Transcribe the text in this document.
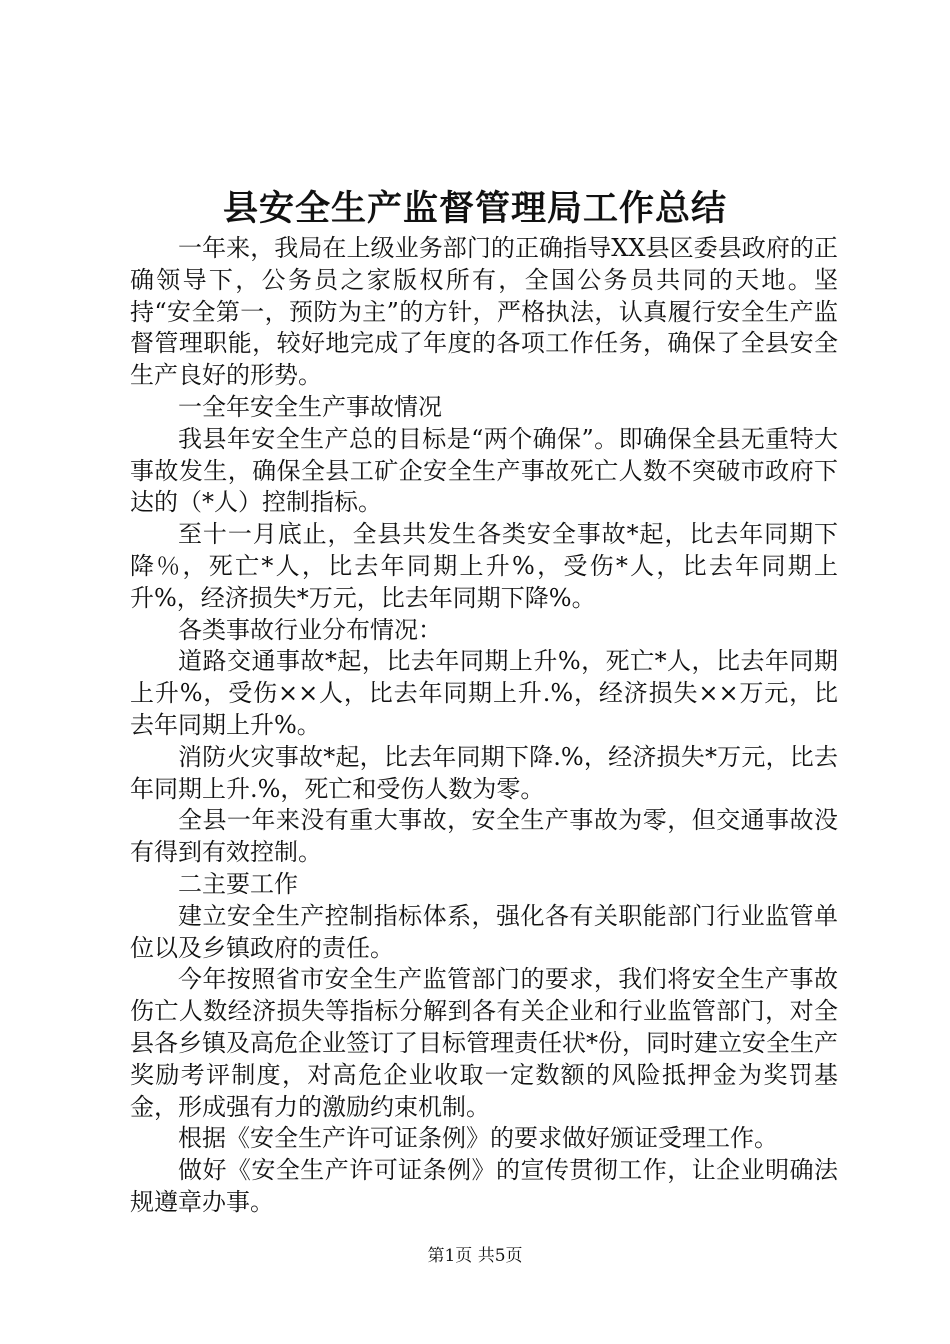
县安全生产监督管理局工作总结

一年来，我局在上级业务部门的正确指导XX县区委县政府的正确领导下，公务员之家版权所有，全国公务员共同的天地。坚持“安全第一，预防为主”的方针，严格执法，认真履行安全生产监督管理职能，较好地完成了年度的各项工作任务，确保了全县安全生产良好的形势。

一全年安全生产事故情况

我县年安全生产总的目标是“两个确保”。即确保全县无重特大事故发生，确保全县工矿企安全生产事故死亡人数不突破市政府下达的（*人）控制指标。

至十一月底止，全县共发生各类安全事故*起，比去年同期下降％，死亡*人，比去年同期上升%，受伤*人，比去年同期上升%，经济损失*万元，比去年同期下降%。

各类事故行业分布情况：

道路交通事故*起，比去年同期上升%，死亡*人，比去年同期上升%，受伤××人，比去年同期上升.%，经济损失××万元，比去年同期上升%。

消防火灾事故*起，比去年同期下降.%，经济损失*万元，比去年同期上升.%，死亡和受伤人数为零。

全县一年来没有重大事故，安全生产事故为零，但交通事故没有得到有效控制。

二主要工作

建立安全生产控制指标体系，强化各有关职能部门行业监管单位以及乡镇政府的责任。

今年按照省市安全生产监管部门的要求，我们将安全生产事故伤亡人数经济损失等指标分解到各有关企业和行业监管部门，对全县各乡镇及高危企业签订了目标管理责任状*份，同时建立安全生产奖励考评制度，对高危企业收取一定数额的风险抵押金为奖罚基金，形成强有力的激励约束机制。

根据《安全生产许可证条例》的要求做好颁证受理工作。

做好《安全生产许可证条例》的宣传贯彻工作，让企业明确法规遵章办事。

第1页 共5页
